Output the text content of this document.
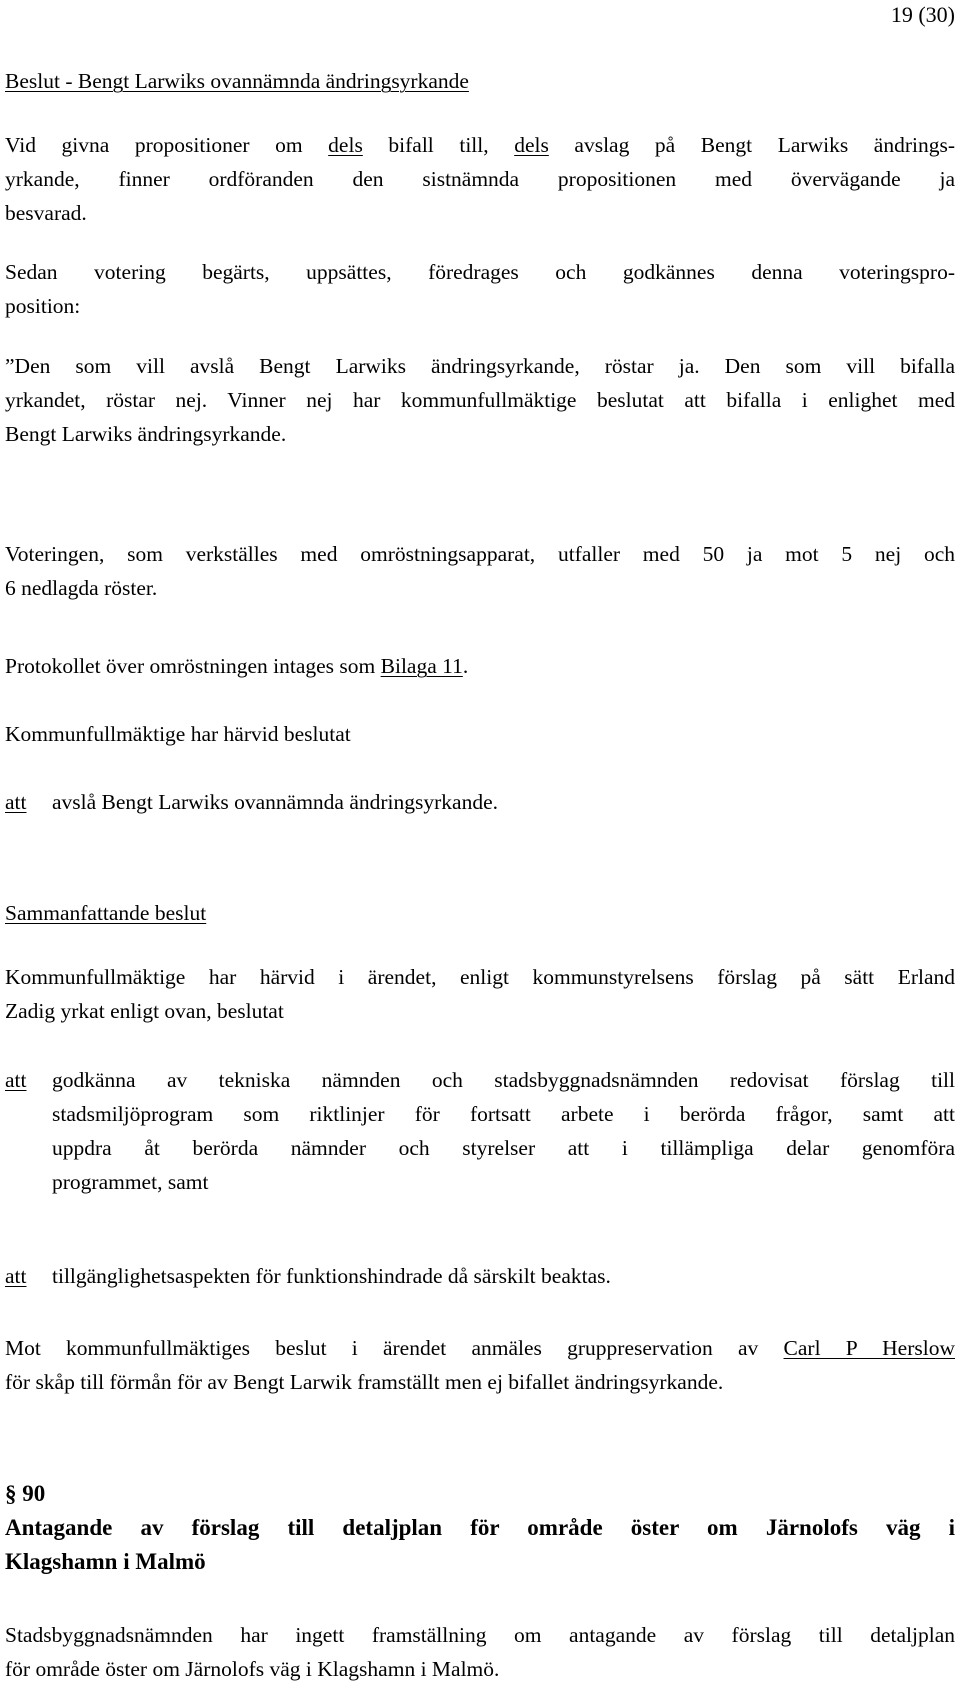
19 (30)
Beslut - Bengt Larwiks ovannämnda ändringsyrkande
Vid givna propositioner om dels bifall till, dels avslag på Bengt Larwiks ändrings-
yrkande, finner ordföranden den sistnämnda propositionen med övervägande ja
besvarad.
Sedan votering begärts, uppsättes, föredrages och godkännes denna voteringspro-
position:
”Den som vill avslå Bengt Larwiks ändringsyrkande, röstar ja. Den som vill bifalla
yrkandet, röstar nej. Vinner nej har kommunfullmäktige beslutat att bifalla i enlighet med
Bengt Larwiks ändringsyrkande.
Voteringen, som verkställes med omröstningsapparat, utfaller med 50 ja mot 5 nej och
6 nedlagda röster.
Protokollet över omröstningen intages som Bilaga 11.
Kommunfullmäktige har härvid beslutat
att avslå Bengt Larwiks ovannämnda ändringsyrkande.
Sammanfattande beslut
Kommunfullmäktige har härvid i ärendet, enligt kommunstyrelsens förslag på sätt Erland
Zadig yrkat enligt ovan, beslutat
att godkänna av tekniska nämnden och stadsbyggnadsnämnden redovisat förslag till
stadsmiljöprogram som riktlinjer för fortsatt arbete i berörda frågor, samt att
uppdra åt berörda nämnder och styrelser att i tillämpliga delar genomföra
programmet, samt
att tillgänglighetsaspekten för funktionshindrade då särskilt beaktas.
Mot kommunfullmäktiges beslut i ärendet anmäles gruppreservation av Carl P Herslow
för skåp till förmån för av Bengt Larwik framställt men ej bifallet ändringsyrkande.
§ 90
Antagande av förslag till detaljplan för område öster om Järnolofs väg i
Klagshamn i Malmö
Stadsbyggnadsnämnden har ingett framställning om antagande av förslag till detaljplan
för område öster om Järnolofs väg i Klagshamn i Malmö.
